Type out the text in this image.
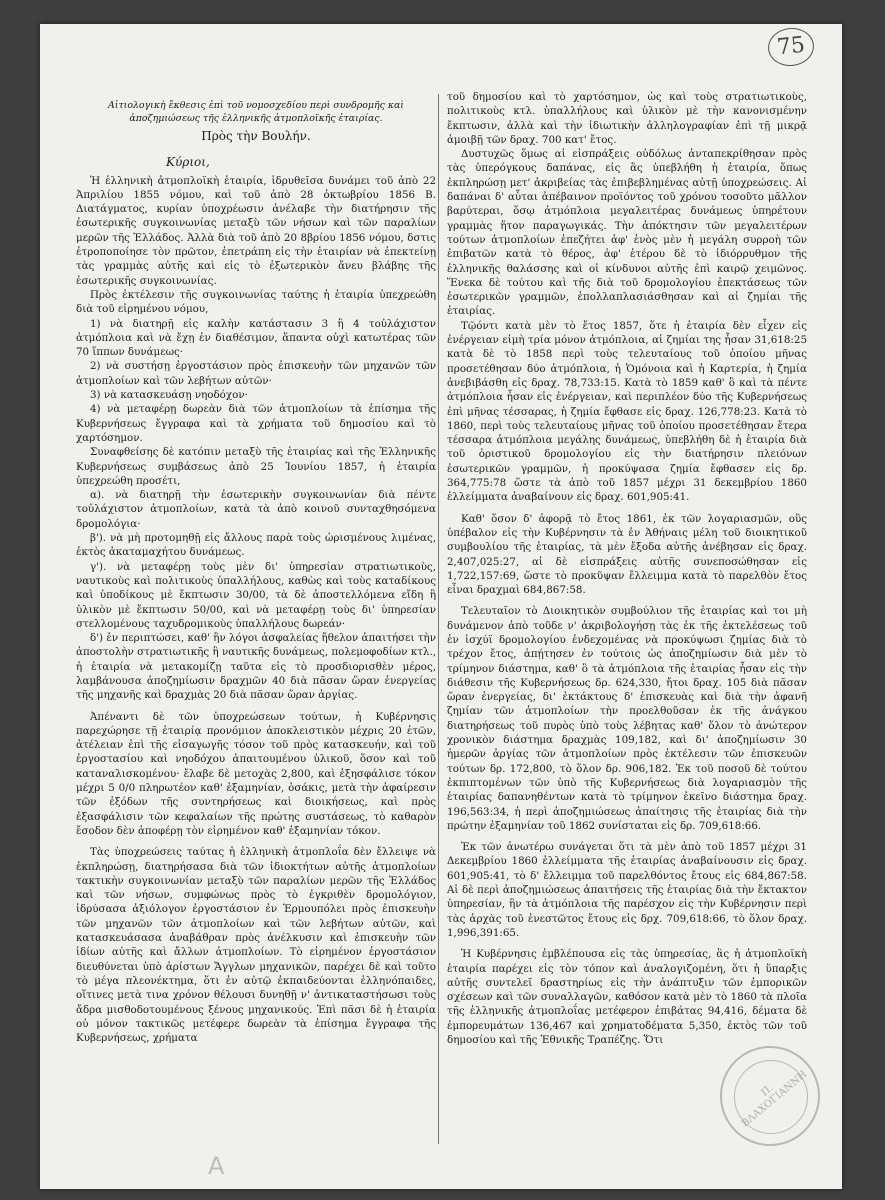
75
Αἰτιολογικὴ ἔκθεσις ἐπὶ τοῦ νομοσχεδίου περὶ συνδρομῆς καὶ ἀποζημιώσεως τῆς ἑλληνικῆς ἀτμοπλοϊκῆς ἑταιρίας.
Πρὸς τὴν Βουλήν.
Κύριοι,

Ἡ ἑλληνικὴ ἀτμοπλοϊκὴ ἑταιρία, ἱδρυθεῖσα δυνάμει τοῦ ἀπὸ 22 Ἀπριλίου 1855 νόμου, καὶ τοῦ ἀπὸ 28 ὀκτωβρίου 1856 Β. Διατάγματος, κυρίαν ὑποχρέωσιν ἀνέλαβε τὴν διατήρησιν τῆς ἐσωτερικῆς συγκοινωνίας μεταξὺ τῶν νήσων καὶ τῶν παραλίων μερῶν τῆς Ἑλλάδος. Ἀλλὰ διὰ τοῦ ἀπὸ 20 8βρίου 1856 νόμου, δστις ἐτροποποίησε τὸν πρῶτον, ἐπετράπη εἰς τὴν ἑταιρίαν νὰ ἐπεκτείνῃ τὰς γραμμὰς αὐτῆς καὶ εἰς τὸ ἐξωτερικὸν ἄνευ βλάβης τῆς ἐσωτερικῆς συγκοινωνίας.

Πρὸς ἐκτέλεσιν τῆς συγκοινωνίας ταύτης ἡ ἑταιρία ὑπεχρεώθη διὰ τοῦ εἰρημένου νόμου,

1) νὰ διατηρῇ εἰς καλὴν κατάστασιν 3 ἢ 4 τοὐλάχιστον ἀτμόπλοια καὶ νὰ ἔχῃ ἐν διαθέσιμον, ἅπαντα οὐχὶ κατωτέρας τῶν 70 ἵππων δυνάμεως·

2) νὰ συστήσῃ ἐργοστάσιον πρὸς ἐπισκευὴν τῶν μηχανῶν τῶν ἀτμοπλοίων καὶ τῶν λεβήτων αὐτῶν·

3) νὰ κατασκευάσῃ νηοδόχον·

4) νὰ μεταφέρῃ δωρεὰν διὰ τῶν ἀτμοπλοίων τὰ ἐπίσημα τῆς Κυβερνήσεως ἔγγραφα καὶ τὰ χρήματα τοῦ δημοσίου καὶ τὸ χαρτόσημον.

Συναφθείσης δὲ κατόπιν μεταξὺ τῆς ἑταιρίας καὶ τῆς Ἑλληνικῆς Κυβερνήσεως συμβάσεως ἀπὸ 25 Ἰουνίου 1857, ἡ ἑταιρία ὑπεχρεώθη προσέτι,

α). νὰ διατηρῇ τὴν ἐσωτερικὴν συγκοινωνίαν διὰ πέντε τοὐλάχιστον ἀτμοπλοίων, κατὰ τὰ ἀπὸ κοινοῦ συνταχθησόμενα δρομολόγια·

β'). νὰ μὴ προτομηθῇ εἰς ἄλλους παρὰ τοὺς ὡρισμένους λιμένας, ἐκτὸς ἀκαταμαχήτου δυνάμεως.

γ'). νὰ μεταφέρῃ τοὺς μὲν δι' ὑπηρεσίαν στρατιωτικοὺς, ναυτικοὺς καὶ πολιτικοὺς ὑπαλλήλους, καθὼς καὶ τοὺς καταδίκους καὶ ὑποδίκους μὲ ἔκπτωσιν 30/00, τὰ δὲ ἀποστελλόμενα εἴδη ἢ ὑλικὸν μὲ ἔκπτωσιν 50/00, καὶ νὰ μεταφέρῃ τοὺς δι' ὑπηρεσίαν στελλομένους ταχυδρομικοὺς ὑπαλλήλους δωρεάν·

δ') ἐν περιπτώσει, καθ' ἣν λόγοι ἀσφαλείας ἤθελον ἀπαιτήσει τὴν ἀποστολὴν στρατιωτικῆς ἢ ναυτικῆς δυνάμεως, πολεμοφοδίων κτλ., ἡ ἑταιρία νὰ μετακομίζῃ ταῦτα εἰς τὸ προσδιορισθὲν μέρος, λαμβάνουσα ἀποζημίωσιν δραχμῶν 40 διὰ πᾶσαν ὥραν ἐνεργείας τῆς μηχανῆς καὶ δραχμὰς 20 διὰ πᾶσαν ὥραν ἀργίας.

Ἀπέναντι δὲ τῶν ὑποχρεώσεων τούτων, ἡ Κυβέρνησις παρεχώρησε τῇ ἑταιρίᾳ προνόμιον ἀποκλειστικὸν μέχρις 20 ἐτῶν, ἀτέλειαν ἐπὶ τῆς εἰσαγωγῆς τόσον τοῦ πρὸς κατασκευήν, καὶ τοῦ ἐργοστασίου καὶ νηοδόχου ἀπαιτουμένου ὑλικοῦ, ὅσον καὶ τοῦ καταναλισκομένου· ἔλαβε δὲ μετοχὰς 2,800, καὶ ἐξησφάλισε τόκον μέχρι 5 0/0 πληρωτέον καθ' ἑξαμηνίαν, ὁσάκις, μετὰ τὴν ἀφαίρεσιν τῶν ἐξόδων τῆς συντηρήσεως καὶ διοικήσεως, καὶ πρὸς ἐξασφάλισιν τῶν κεφαλαίων τῆς πρώτης συστάσεως, τὸ καθαρὸν ἔσοδον δὲν ἀποφέρῃ τὸν εἰρημένον καθ' ἑξαμηνίαν τόκον.

Τὰς ὑποχρεώσεις ταύτας ἡ ἑλληνικὴ ἀτμοπλοΐα δὲν ἔλλειψε νὰ ἐκπληρώσῃ, διατηρήσασα διὰ τῶν ἰδιοκτήτων αὐτῆς ἀτμοπλοίων τακτικὴν συγκοινωνίαν μεταξὺ τῶν παραλίων μερῶν τῆς Ἑλλάδος καὶ τῶν νήσων, συμφώνως πρὸς τὸ ἐγκριθὲν δρομολόγιον, ἱδρύσασα ἀξιόλογον ἐργοστάσιον ἐν Ἑρμουπόλει πρὸς ἐπισκευὴν τῶν μηχανῶν τῶν ἀτμοπλοίων καὶ τῶν λεβήτων αὐτῶν, καὶ κατασκευάσασα ἀναβάθραν πρὸς ἀνέλκυσιν καὶ ἐπισκευὴν τῶν ἰδίων αὐτῆς καὶ ἄλλων ἀτμοπλοίων. Τὸ εἰρημένον ἐργοστάσιον διευθύνεται ὑπὸ ἀρίστων Ἄγγλων μηχανικῶν, παρέχει δὲ καὶ τοῦτο τὸ μέγα πλεονέκτημα, ὅτι ἐν αὐτῷ ἐκπαιδεύονται ἑλληνόπαιδες, οἵτινες μετὰ τινα χρόνον θέλουσι δυνηθῇ ν' ἀντικαταστήσωσι τοὺς ἄδρα μισθοδοτουμένους ξένους μηχανικούς. Ἐπὶ πᾶσι δὲ ἡ ἑταιρία οὐ μόνον τακτικῶς μετέφερε δωρεὰν τὰ ἐπίσημα ἔγγραφα τῆς Κυβερνήσεως, χρήματα

τοῦ δημοσίου καὶ τὸ χαρτόσημον, ὡς καὶ τοὺς στρατιωτικοὺς, πολιτικοὺς κτλ. ὑπαλλήλους καὶ ὑλικὸν μὲ τὴν κανονισμένην ἔκπτωσιν, ἀλλὰ καὶ τὴν ἰδιωτικὴν ἀλληλογραφίαν ἐπὶ τῇ μικρᾷ ἀμοιβῇ τῶν δραχ. 700 κατ' ἔτος.

Δυστυχῶς ὅμως αἱ εἰσπράξεις οὐδόλως ἀνταπεκρίθησαν πρὸς τὰς ὑπερόγκους δαπάνας, εἰς ἃς ὑπεβλήθη ἡ ἑταιρία, ὅπως ἐκπληρώσῃ μετ' ἀκριβείας τὰς ἐπιβεβλημένας αὐτῇ ὑποχρεώσεις. Αἱ δαπάναι δ' αὗται ἀπέβαινον προϊόντος τοῦ χρόνου τοσοῦτο μᾶλλον βαρύτεραι, ὅσῳ ἀτμόπλοια μεγαλειτέρας δυνάμεως ὑπηρέτουν γραμμὰς ἥτον παραγωγικάς. Τὴν ἀπόκτησιν τῶν μεγαλειτέρων τούτων ἀτμοπλοίων ἐπεζήτει ἀφ' ἑνὸς μὲν ἡ μεγάλη συρροὴ τῶν ἐπιβατῶν κατὰ τὸ θέρος, ἀφ' ἑτέρου δὲ τὸ ἰδιόρρυθμον τῆς ἑλληνικῆς θαλάσσης καὶ οἱ κίνδυνοι αὐτῆς ἐπὶ καιρῷ χειμῶνος. Ἕνεκα δὲ τούτου καὶ τῆς διὰ τοῦ δρομολογίου ἐπεκτάσεως τῶν ἐσωτερικῶν γραμμῶν, ἐπολλαπλασιάσθησαν καὶ αἱ ζημίαι τῆς ἑταιρίας.

Τῷόντι κατὰ μὲν τὸ ἔτος 1857, ὅτε ἡ ἑταιρία δὲν εἶχεν εἰς ἐνέργειαν εἰμὴ τρία μόνον ἀτμόπλοια, αἱ ζημίαι της ἦσαν 31,618:25 κατὰ δὲ τὸ 1858 περὶ τοὺς τελευταίους τοῦ ὁποίου μῆνας προσετέθησαν δύο ἀτμόπλοια, ἡ Ὁμόνοια καὶ ἡ Καρτερία, ἡ ζημία ἀνεβιβάσθη εἰς δραχ. 78,733:15. Κατὰ τὸ 1859 καθ' ὃ καὶ τὰ πέντε ἀτμόπλοια ἦσαν εἰς ἐνέργειαν, καὶ περιπλέον δύο τῆς Κυβερνήσεως ἐπὶ μῆνας τέσσαρας, ἡ ζημία ἔφθασε εἰς δραχ. 126,778:23. Κατὰ τὸ 1860, περὶ τοὺς τελευταίους μῆνας τοῦ ὁποίου προσετέθησαν ἕτερα τέσσαρα ἀτμόπλοια μεγάλης δυνάμεως, ὑπεβλήθη δὲ ἡ ἑταιρία διὰ τοῦ ὁριστικοῦ δρομολογίου εἰς τὴν διατήρησιν πλειόνων ἐσωτερικῶν γραμμῶν, ἡ προκύψασα ζημία ἔφθασεν εἰς δρ. 364,775:78 ὥστε τὰ ἀπὸ τοῦ 1857 μέχρι 31 δεκεμβρίου 1860 ἐλλείμματα ἀναβαίνουν εἰς δραχ. 601,905:41.

Καθ' ὅσον δ' ἀφορᾷ τὸ ἔτος 1861, ἐκ τῶν λογαριασμῶν, οὓς ὑπέβαλον εἰς τὴν Κυβέρνησιν τὰ ἐν Ἀθήναις μέλη τοῦ διοικητικοῦ συμβουλίου τῆς ἑταιρίας, τὰ μὲν ἔξοδα αὐτῆς ἀνέβησαν εἰς δραχ. 2,407,025:27, αἱ δὲ εἰσπράξεις αὐτῆς συνεποσώθησαν εἰς 1,722,157:69, ὥστε τὸ προκῦψαν ἔλλειμμα κατὰ τὸ παρελθὸν ἔτος εἶναι δραχμαὶ 684,867:58.

Τελευταῖον τὸ Διοικητικὸν συμβούλιον τῆς ἑταιρίας καὶ τοι μὴ δυνάμενον ἀπὸ τοῦδε ν' ἀκριβολογήσῃ τὰς ἐκ τῆς ἐκτελέσεως τοῦ ἐν ἰσχύϊ δρομολογίου ἐνδεχομένας νὰ προκύψωσι ζημίας διὰ τὸ τρέχον ἔτος, ἀπῄτησεν ἐν τούτοις ὡς ἀποζημίωσιν διὰ μὲν τὸ τρίμηνον διάστημα, καθ' ὃ τὰ ἀτμόπλοια τῆς ἑταιρίας ἦσαν εἰς τὴν διάθεσιν τῆς Κυβερνήσεως δρ. 624,330, ἤτοι δραχ. 105 διὰ πᾶσαν ὥραν ἐνεργείας, δι' ἐκτάκτους δ' ἐπισκευὰς καὶ διὰ τὴν ἀφανῆ ζημίαν τῶν ἀτμοπλοίων τὴν προελθοῦσαν ἐκ τῆς ἀνάγκου διατηρήσεως τοῦ πυρὸς ὑπὸ τοὺς λέβητας καθ' ὅλον τὸ ἀνώτερον χρονικὸν διάστημα δραχμὰς 109,182, καὶ δι' ἀποζημίωσιν 30 ἡμερῶν ἀργίας τῶν ἀτμοπλοίων πρὸς ἐκτέλεσιν τῶν ἐπισκευῶν τούτων δρ. 172,800, τὸ ὅλον δρ. 906,182. Ἐκ τοῦ ποσοῦ δὲ τούτου ἐκπιπτομένων τῶν ὑπὸ τῆς Κυβερνήσεως διὰ λογαριασμὸν τῆς ἑταιρίας δαπανηθέντων κατὰ τὸ τρίμηνον ἐκεῖνο διάστημα δραχ. 196,563:34, ἡ περὶ ἀποζημιώσεως ἀπαίτησις τῆς ἑταιρίας διὰ τὴν πρώτην ἑξαμηνίαν τοῦ 1862 συνίσταται εἰς δρ. 709,618:66.

Ἐκ τῶν ἀνωτέρω συνάγεται ὅτι τὰ μὲν ἀπὸ τοῦ 1857 μέχρι 31 Δεκεμβρίου 1860 ἐλλείμματα τῆς ἑταιρίας ἀναβαίνουσιν εἰς δραχ. 601,905:41, τὸ δ' ἔλλειμμα τοῦ παρελθόντος ἔτους εἰς 684,867:58. Αἱ δὲ περὶ ἀποζημιώσεως ἀπαιτήσεις τῆς ἑταιρίας διὰ τὴν ἔκτακτον ὑπηρεσίαν, ἣν τὰ ἀτμόπλοια τῆς παρέσχον εἰς τὴν Κυβέρνησιν περὶ τὰς ἀρχὰς τοῦ ἐνεστῶτος ἔτους εἰς δρχ. 709,618:66, τὸ ὅλον δραχ. 1,996,391:65.

Ἡ Κυβέρνησις ἐμβλέπουσα εἰς τὰς ὑπηρεσίας, ἃς ἡ ἀτμοπλοϊκὴ ἑταιρία παρέχει εἰς τὸν τόπον καὶ ἀναλογιζομένη, ὅτι ἡ ὕπαρξις αὐτῆς συντελεῖ δραστηρίως εἰς τὴν ἀνάπτυξιν τῶν ἐμπορικῶν σχέσεων καὶ τῶν συναλλαγῶν, καθόσον κατὰ μὲν τὸ 1860 τὰ πλοῖα τῆς ἑλληνικῆς ἀτμοπλοΐας μετέφερον ἐπιβάτας 94,416, δέματα δὲ ἐμπορευμάτων 136,467 καὶ χρηματοδέματα 5,350, ἐκτὸς τῶν τοῦ δημοσίου καὶ τῆς Ἐθνικῆς Τραπέζης. Ὅτι

Π. ΒΛΑΧΟΓΙΑΝΝΗ
A
